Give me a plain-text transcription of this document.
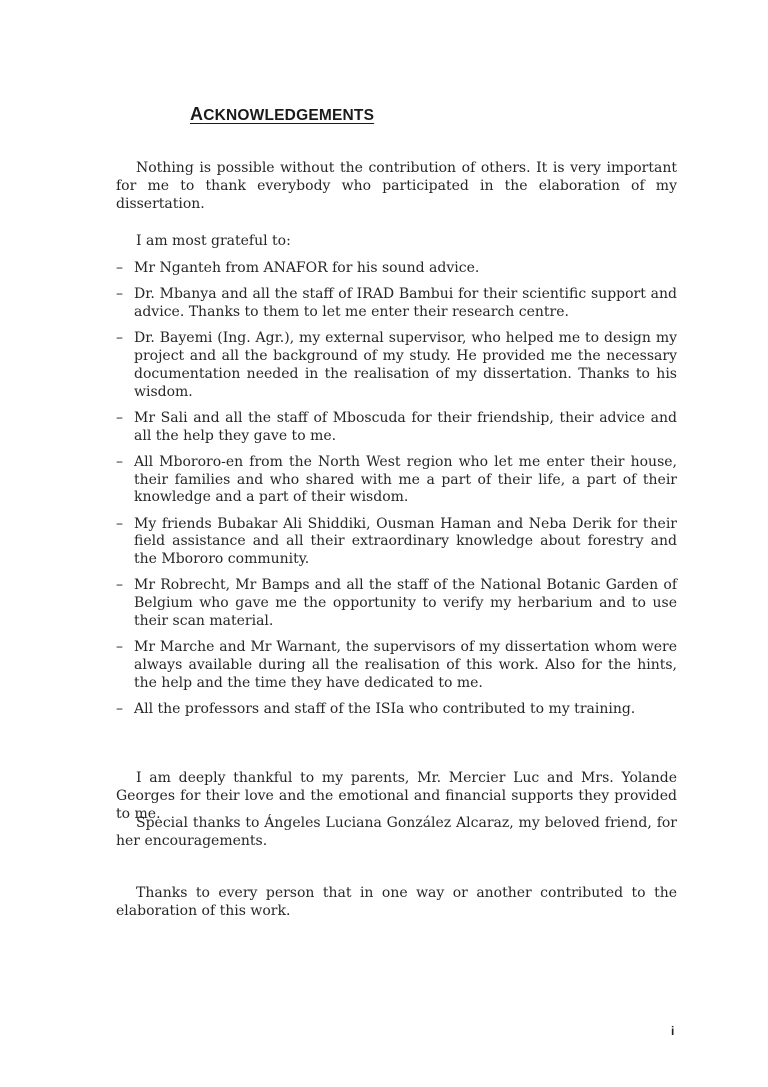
ACKNOWLEDGEMENTS

Nothing is possible without the contribution of others. It is very important for me to thank everybody who participated in the elaboration of my dissertation.

I am most grateful to:

– Mr Nganteh from ANAFOR for his sound advice.
– Dr. Mbanya and all the staff of IRAD Bambui for their scientific support and advice. Thanks to them to let me enter their research centre.
– Dr. Bayemi (Ing. Agr.), my external supervisor, who helped me to design my project and all the background of my study. He provided me the necessary documentation needed in the realisation of my dissertation. Thanks to his wisdom.
– Mr Sali and all the staff of Mboscuda for their friendship, their advice and all the help they gave to me.
– All Mbororo-en from the North West region who let me enter their house, their families and who shared with me a part of their life, a part of their knowledge and a part of their wisdom.
– My friends Bubakar Ali Shiddiki, Ousman Haman and Neba Derik for their field assistance and all their extraordinary knowledge about forestry and the Mbororo community.
– Mr Robrecht, Mr Bamps and all the staff of the National Botanic Garden of Belgium who gave me the opportunity to verify my herbarium and to use their scan material.
– Mr Marche and Mr Warnant, the supervisors of my dissertation whom were always available during all the realisation of this work. Also for the hints, the help and the time they have dedicated to me.
– All the professors and staff of the ISIa who contributed to my training.

I am deeply thankful to my parents, Mr. Mercier Luc and Mrs. Yolande Georges for their love and the emotional and financial supports they provided to me.

Special thanks to Ángeles Luciana González Alcaraz, my beloved friend, for her encouragements.

Thanks to every person that in one way or another contributed to the elaboration of this work.

i
